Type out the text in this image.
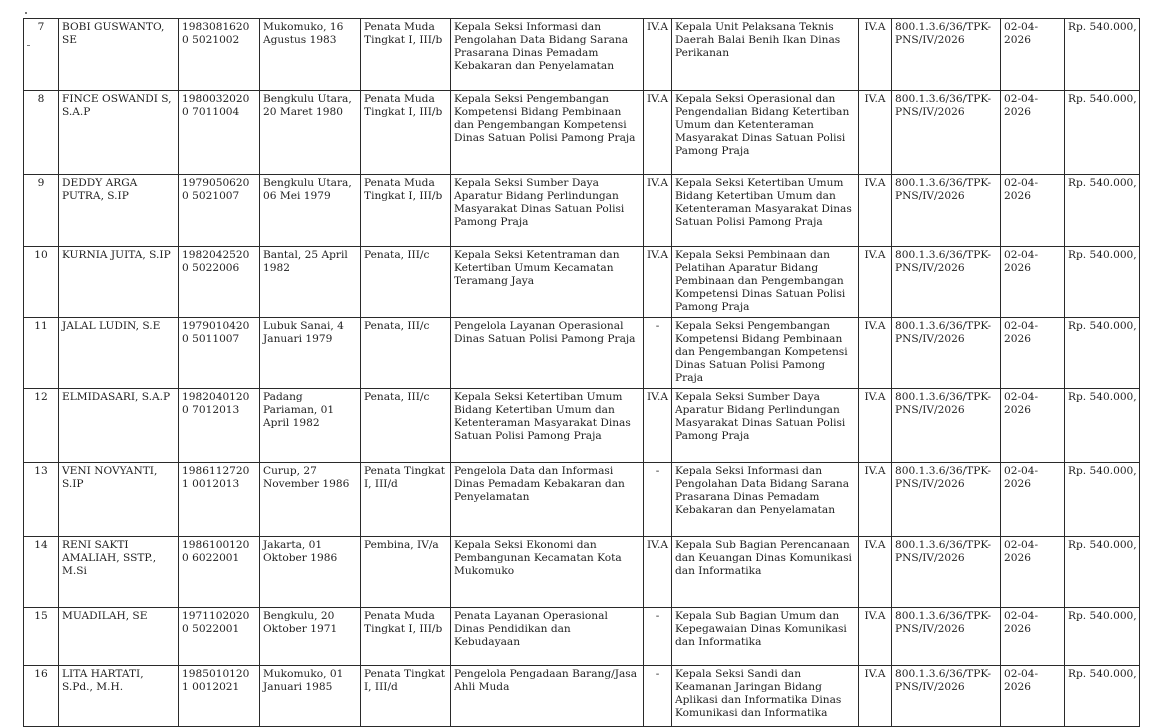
7	BOBI GUSWANTO, SE	19830816200 5021002	Mukomuko, 16 Agustus 1983	Penata Muda Tingkat I, III/b	Kepala Seksi Informasi dan Pengolahan Data Bidang Sarana Prasarana Dinas Pemadam Kebakaran dan Penyelamatan	IV.A	Kepala Unit Pelaksana Teknis Daerah Balai Benih Ikan Dinas Perikanan	IV.A	800.1.3.6/36/TPK-PNS/IV/2026	02-04-2026	Rp. 540.000,
8	FINCE OSWANDI S, S.A.P	19800320200 7011004	Bengkulu Utara, 20 Maret 1980	Penata Muda Tingkat I, III/b	Kepala Seksi Pengembangan Kompetensi Bidang Pembinaan dan Pengembangan Kompetensi Dinas Satuan Polisi Pamong Praja	IV.A	Kepala Seksi Operasional dan Pengendalian Bidang Ketertiban Umum dan Ketenteraman Masyarakat Dinas Satuan Polisi Pamong Praja	IV.A	800.1.3.6/36/TPK-PNS/IV/2026	02-04-2026	Rp. 540.000,
9	DEDDY ARGA PUTRA, S.IP	19790506200 5021007	Bengkulu Utara, 06 Mei 1979	Penata Muda Tingkat I, III/b	Kepala Seksi Sumber Daya Aparatur Bidang Perlindungan Masyarakat Dinas Satuan Polisi Pamong Praja	IV.A	Kepala Seksi Ketertiban Umum Bidang Ketertiban Umum dan Ketenteraman Masyarakat Dinas Satuan Polisi Pamong Praja	IV.A	800.1.3.6/36/TPK-PNS/IV/2026	02-04-2026	Rp. 540.000,
10	KURNIA JUITA, S.IP	19820425200 5022006	Bantal, 25 April 1982	Penata, III/c	Kepala Seksi Ketentraman dan Ketertiban Umum Kecamatan Teramang Jaya	IV.A	Kepala Seksi Pembinaan dan Pelatihan Aparatur Bidang Pembinaan dan Pengembangan Kompetensi Dinas Satuan Polisi Pamong Praja	IV.A	800.1.3.6/36/TPK-PNS/IV/2026	02-04-2026	Rp. 540.000,
11	JALAL LUDIN, S.E	19790104200 5011007	Lubuk Sanai, 4 Januari 1979	Penata, III/c	Pengelola Layanan Operasional Dinas Satuan Polisi Pamong Praja	-	Kepala Seksi Pengembangan Kompetensi Bidang Pembinaan dan Pengembangan Kompetensi Dinas Satuan Polisi Pamong Praja	IV.A	800.1.3.6/36/TPK-PNS/IV/2026	02-04-2026	Rp. 540.000,
12	ELMIDASARI, S.A.P	19820401200 7012013	Padang Pariaman, 01 April 1982	Penata, III/c	Kepala Seksi Ketertiban Umum Bidang Ketertiban Umum dan Ketenteraman Masyarakat Dinas Satuan Polisi Pamong Praja	IV.A	Kepala Seksi Sumber Daya Aparatur Bidang Perlindungan Masyarakat Dinas Satuan Polisi Pamong Praja	IV.A	800.1.3.6/36/TPK-PNS/IV/2026	02-04-2026	Rp. 540.000,
13	VENI NOVYANTI, S.IP	19861127201 0012013	Curup, 27 November 1986	Penata Tingkat I, III/d	Pengelola Data dan Informasi Dinas Pemadam Kebakaran dan Penyelamatan	-	Kepala Seksi Informasi dan Pengolahan Data Bidang Sarana Prasarana Dinas Pemadam Kebakaran dan Penyelamatan	IV.A	800.1.3.6/36/TPK-PNS/IV/2026	02-04-2026	Rp. 540.000,
14	RENI SAKTI AMALIAH, SSTP., M.Si	19861001200 6022001	Jakarta, 01 Oktober 1986	Pembina, IV/a	Kepala Seksi Ekonomi dan Pembangunan Kecamatan Kota Mukomuko	IV.A	Kepala Sub Bagian Perencanaan dan Keuangan Dinas Komunikasi dan Informatika	IV.A	800.1.3.6/36/TPK-PNS/IV/2026	02-04-2026	Rp. 540.000,
15	MUADILAH, SE	19711020200 5022001	Bengkulu, 20 Oktober 1971	Penata Muda Tingkat I, III/b	Penata Layanan Operasional Dinas Pendidikan dan Kebudayaan	-	Kepala Sub Bagian Umum dan Kepegawaian Dinas Komunikasi dan Informatika	IV.A	800.1.3.6/36/TPK-PNS/IV/2026	02-04-2026	Rp. 540.000,
16	LITA HARTATI, S.Pd., M.H.	19850101201 0012021	Mukomuko, 01 Januari 1985	Penata Tingkat I, III/d	Pengelola Pengadaan Barang/Jasa Ahli Muda	-	Kepala Seksi Sandi dan Keamanan Jaringan Bidang Aplikasi dan Informatika Dinas Komunikasi dan Informatika	IV.A	800.1.3.6/36/TPK-PNS/IV/2026	02-04-2026	Rp. 540.000,
